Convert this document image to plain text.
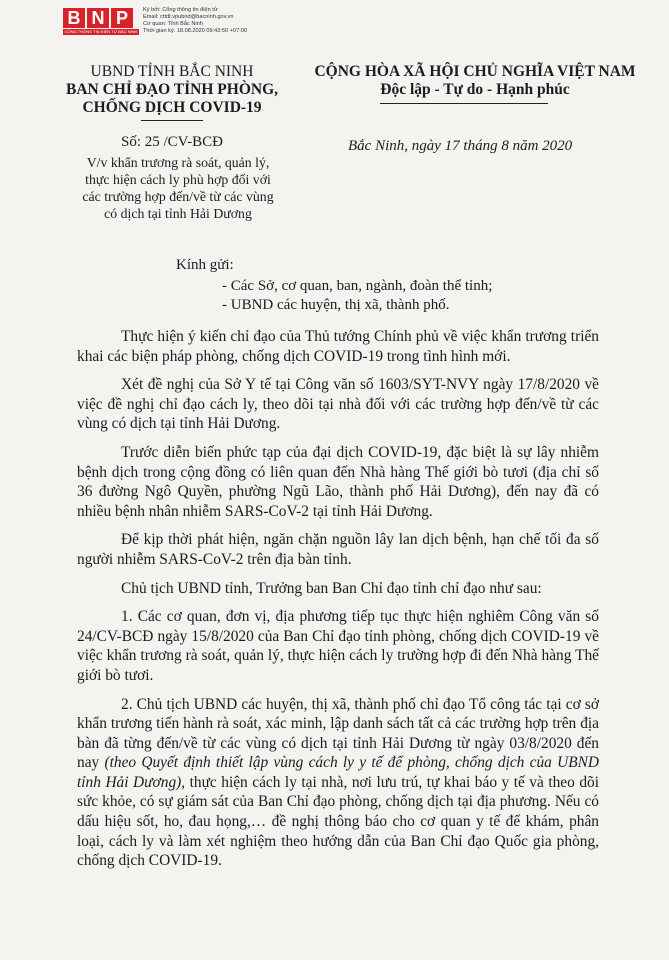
B N P
CỔNG THÔNG TIN ĐIỆN TỬ BẮC NINH
Ký bởi: Cổng thông tin điện tử
Email: cttdt.vpubnd@bacninh.gov.vn
Cơ quan: Tỉnh Bắc Ninh
Thời gian ký: 18.08.2020 09:43:50 +07:00
UBND TỈNH BẮC NINH
BAN CHỈ ĐẠO TỈNH PHÒNG,
CHỐNG DỊCH COVID-19
CỘNG HÒA XÃ HỘI CHỦ NGHĨA VIỆT NAM
Độc lập - Tự do - Hạnh phúc
Số: 25 /CV-BCĐ
V/v khẩn trương rà soát, quản lý,
thực hiện cách ly phù hợp đối với
các trường hợp đến/về từ các vùng
có dịch tại tỉnh Hải Dương
Bắc Ninh, ngày 17 tháng 8 năm 2020
Kính gửi:
- Các Sở, cơ quan, ban, ngành, đoàn thể tỉnh;
- UBND các huyện, thị xã, thành phố.

Thực hiện ý kiến chỉ đạo của Thủ tướng Chính phủ về việc khẩn trương triển khai các biện pháp phòng, chống dịch COVID-19 trong tình hình mới.

Xét đề nghị của Sở Y tế tại Công văn số 1603/SYT-NVY ngày 17/8/2020 về việc đề nghị chỉ đạo cách ly, theo dõi tại nhà đối với các trường hợp đến/về từ các vùng có dịch tại tỉnh Hải Dương.

Trước diễn biến phức tạp của đại dịch COVID-19, đặc biệt là sự lây nhiễm bệnh dịch trong cộng đồng có liên quan đến Nhà hàng Thế giới bò tươi (địa chỉ số 36 đường Ngô Quyền, phường Ngũ Lão, thành phố Hải Dương), đến nay đã có nhiều bệnh nhân nhiễm SARS-CoV-2 tại tỉnh Hải Dương.

Để kịp thời phát hiện, ngăn chặn nguồn lây lan dịch bệnh, hạn chế tối đa số người nhiễm SARS-CoV-2 trên địa bàn tỉnh.

Chủ tịch UBND tỉnh, Trưởng ban Ban Chỉ đạo tỉnh chỉ đạo như sau:

1. Các cơ quan, đơn vị, địa phương tiếp tục thực hiện nghiêm Công văn số 24/CV-BCĐ ngày 15/8/2020 của Ban Chỉ đạo tỉnh phòng, chống dịch COVID-19 về việc khẩn trương rà soát, quản lý, thực hiện cách ly trường hợp đi đến Nhà hàng Thế giới bò tươi.

2. Chủ tịch UBND các huyện, thị xã, thành phố chỉ đạo Tổ công tác tại cơ sở khẩn trương tiến hành rà soát, xác minh, lập danh sách tất cả các trường hợp trên địa bàn đã từng đến/về từ các vùng có dịch tại tỉnh Hải Dương từ ngày 03/8/2020 đến nay (theo Quyết định thiết lập vùng cách ly y tế để phòng, chống dịch của UBND tỉnh Hải Dương), thực hiện cách ly tại nhà, nơi lưu trú, tự khai báo y tế và theo dõi sức khỏe, có sự giám sát của Ban Chỉ đạo phòng, chống dịch tại địa phương. Nếu có dấu hiệu sốt, ho, đau họng,… đề nghị thông báo cho cơ quan y tế để khám, phân loại, cách ly và làm xét nghiệm theo hướng dẫn của Ban Chỉ đạo Quốc gia phòng, chống dịch COVID-19.
